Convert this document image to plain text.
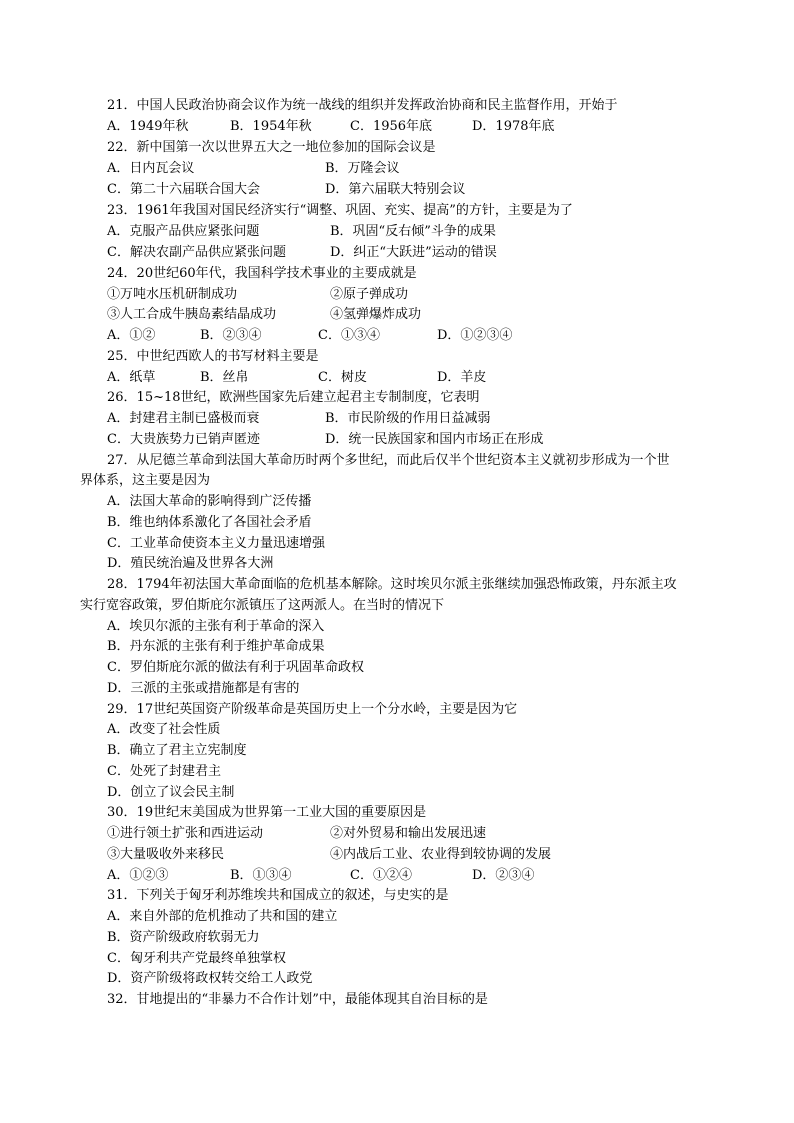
21．中国人民政治协商会议作为统一战线的组织并发挥政治协商和民主监督作用，开始于
A．1949年秋	B．1954年秋	C．1956年底	D．1978年底
22．新中国第一次以世界五大之一地位参加的国际会议是
A．日内瓦会议	B．万隆会议
C．第二十六届联合国大会	D．第六届联大特别会议
23．1961年我国对国民经济实行“调整、巩固、充实、提高”的方针，主要是为了
A．克服产品供应紧张问题	B．巩固“反右倾”斗争的成果
C．解决农副产品供应紧张问题	D．纠正“大跃进”运动的错误
24．20世纪60年代，我国科学技术事业的主要成就是
①万吨水压机研制成功	②原子弹成功
③人工合成牛胰岛素结晶成功	④氢弹爆炸成功
A．①②	B．②③④	C．①③④	D．①②③④
25．中世纪西欧人的书写材料主要是
A．纸草	B．丝帛	C．树皮	D．羊皮
26．15~18世纪，欧洲些国家先后建立起君主专制制度，它表明
A．封建君主制已盛极而衰	B．市民阶级的作用日益减弱
C．大贵族势力已销声匿迹	D．统一民族国家和国内市场正在形成
27．从尼德兰革命到法国大革命历时两个多世纪，而此后仅半个世纪资本主义就初步形成为一个世
界体系，这主要是因为
A．法国大革命的影响得到广泛传播
B．维也纳体系激化了各国社会矛盾
C．工业革命使资本主义力量迅速增强
D．殖民统治遍及世界各大洲
28．1794年初法国大革命面临的危机基本解除。这时埃贝尔派主张继续加强恐怖政策，丹东派主攻
实行宽容政策，罗伯斯庇尔派镇压了这两派人。在当时的情况下
A．埃贝尔派的主张有利于革命的深入
B．丹东派的主张有利于维护革命成果
C．罗伯斯庇尔派的做法有利于巩固革命政权
D．三派的主张或措施都是有害的
29．17世纪英国资产阶级革命是英国历史上一个分水岭，主要是因为它
A．改变了社会性质
B．确立了君主立宪制度
C．处死了封建君主
D．创立了议会民主制
30．19世纪末美国成为世界第一工业大国的重要原因是
①进行领土扩张和西进运动	②对外贸易和输出发展迅速
③大量吸收外来移民	④内战后工业、农业得到较协调的发展
A．①②③	B．①③④	C．①②④	D．②③④
31．下列关于匈牙利苏维埃共和国成立的叙述，与史实的是
A．来自外部的危机推动了共和国的建立
B．资产阶级政府软弱无力
C．匈牙利共产党最终单独掌权
D．资产阶级将政权转交给工人政党
32．甘地提出的“非暴力不合作计划”中，最能体现其自治目标的是
